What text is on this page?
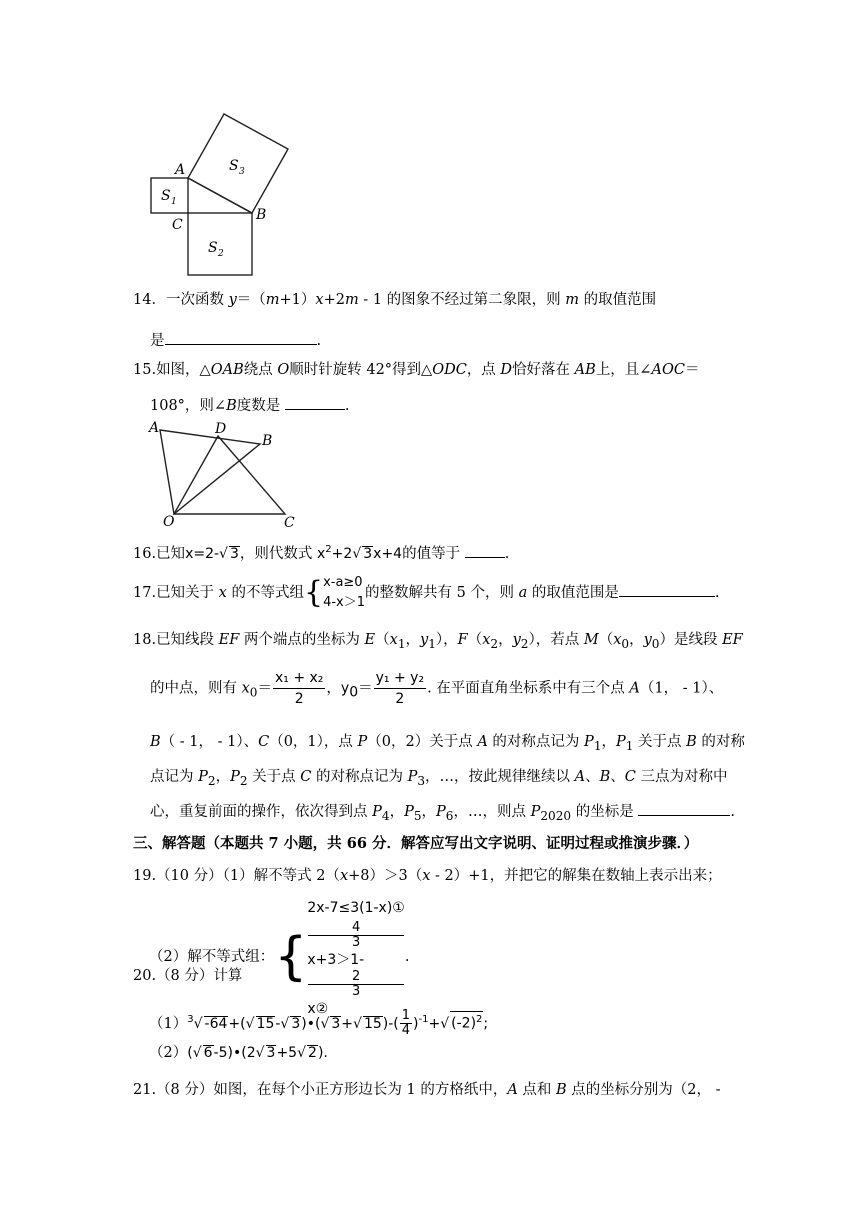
A
B
C
S 1
S 2
S 3
14．一次函数 y＝（m+1）x+2m - 1 的图象不经过第二象限，则 m 的取值范围
是	.
15.如图，△OAB绕点 O顺时针旋转 42°得到△ODC，点 D恰好落在 AB上，且∠AOC＝
108°，则∠B度数是	.
A	D
B
O	C
16.已知x=2-√ 3，则代数式 $x^2+2√$ 3x+4的值等于	.
17.已知关于 x 的不等式组{ x-a≥0
4-x＞1
的整数解共有 5 个，则 a 的取值范围是	.
18.已知线段 EF 两个端点的坐标为 $E(x_1$，$y_1$），$F(x_2$，$y_2$），若点 $M(x_0$，$y_0$）是线段 EF
的中点，则有 $x_0= \frac{\text{x₁ + x₂}}{2}$ ，$y_0= \frac{\text{y₁ + y₂}}{2}$ . 在平面直角坐标系中有三个点 A（1， - 1）、
B（ - 1， - 1）、C（0，1），点 P（0，2）关于点 A 的对称点记为 $P_1$，$P_1$ 关于点 B 的对称
点记为 $P_2$，$P_2$ 关于点 C 的对称点记为 $P_3$，…，按此规律继续以 A、B、C 三点为对称中
心，重复前面的操作，依次得到点 $P_4$，$P_5$，$P_6$，…，则点 $P_{2020}$ 的坐标是	.
三、解答题（本题共 7 小题，共 66 分．解答应写出文字说明、证明过程或推演步骤．）
19.（10 分）（1）解不等式 2（x+8）＞3（x - 2）+1，并把它的解集在数轴上表示出来；
（2）解不等式组：{
2x-7≤3(1-x)①
4
3
x+3＞1-
2
3
x②
.
20.（8 分）计算
$(1)^3√$ -64+(√ 15-√ 3)•(√ 3+√ $15)-( \frac{1}{4} )^{-1}+√$ $(-2)^2$;
（2）(√ 6-5)•(2√ 3+5√ 2).
21.（8 分）如图，在每个小正方形边长为 1 的方格纸中，A 点和 B 点的坐标分别为（2， -
